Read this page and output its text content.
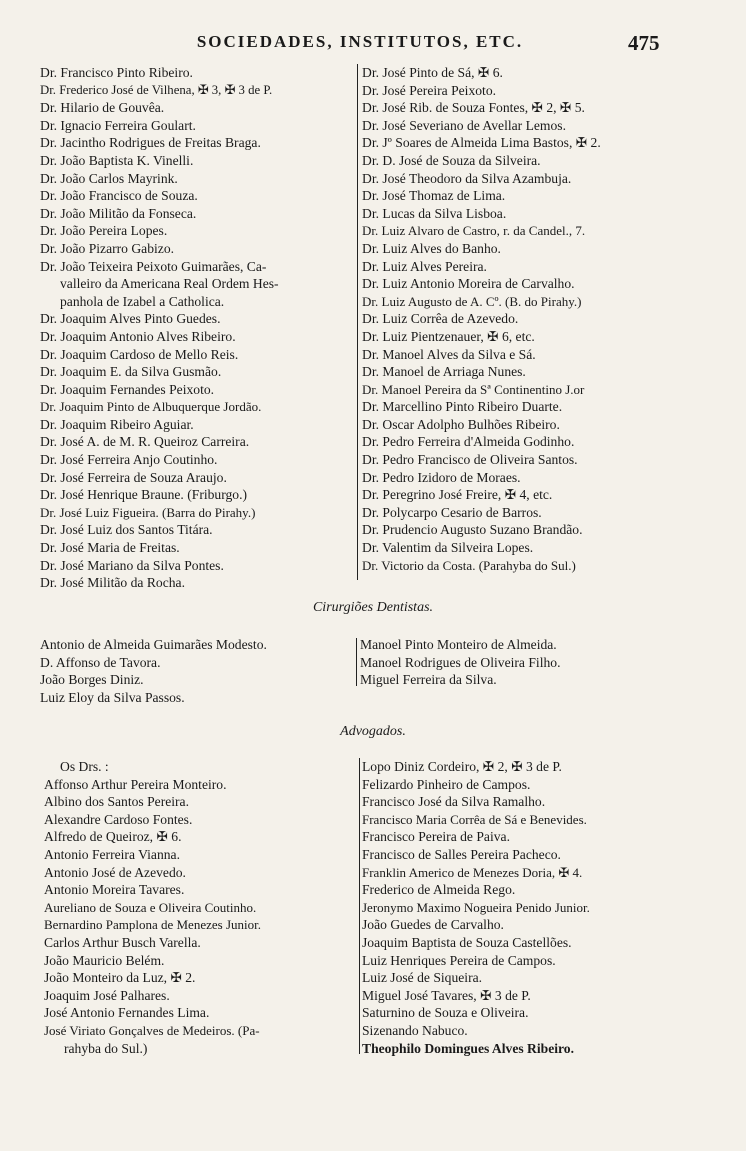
SOCIEDADES, INSTITUTOS, ETC.	475
Dr. Francisco Pinto Ribeiro.
Dr. Frederico José de Vilhena, ✠ 3, ✠ 3 de P.
Dr. Hilario de Gouvêa.
Dr. Ignacio Ferreira Goulart.
Dr. Jacintho Rodrigues de Freitas Braga.
Dr. João Baptista K. Vinelli.
Dr. João Carlos Mayrink.
Dr. João Francisco de Souza.
Dr. João Militão da Fonseca.
Dr. João Pereira Lopes.
Dr. João Pizarro Gabizo.
Dr. João Teixeira Peixoto Guimarães, Ca-
valleiro da Americana Real Ordem Hes-
panhola de Izabel a Catholica.
Dr. Joaquim Alves Pinto Guedes.
Dr. Joaquim Antonio Alves Ribeiro.
Dr. Joaquim Cardoso de Mello Reis.
Dr. Joaquim E. da Silva Gusmão.
Dr. Joaquim Fernandes Peixoto.
Dr. Joaquim Pinto de Albuquerque Jordão.
Dr. Joaquim Ribeiro Aguiar.
Dr. José A. de M. R. Queiroz Carreira.
Dr. José Ferreira Anjo Coutinho.
Dr. José Ferreira de Souza Araujo.
Dr. José Henrique Braune. (Friburgo.)
Dr. José Luiz Figueira. (Barra do Pirahy.)
Dr. José Luiz dos Santos Titára.
Dr. José Maria de Freitas.
Dr. José Mariano da Silva Pontes.
Dr. José Militão da Rocha.
Dr. José Pinto de Sá, ✠ 6.
Dr. José Pereira Peixoto.
Dr. José Rib. de Souza Fontes, ✠ 2, ✠ 5.
Dr. José Severiano de Avellar Lemos.
Dr. Jº Soares de Almeida Lima Bastos, ✠ 2.
Dr. D. José de Souza da Silveira.
Dr. José Theodoro da Silva Azambuja.
Dr. José Thomaz de Lima.
Dr. Lucas da Silva Lisboa.
Dr. Luiz Alvaro de Castro, r. da Candel., 7.
Dr. Luiz Alves do Banho.
Dr. Luiz Alves Pereira.
Dr. Luiz Antonio Moreira de Carvalho.
Dr. Luiz Augusto de A. Cº. (B. do Pirahy.)
Dr. Luiz Corrêa de Azevedo.
Dr. Luiz Pientzenauer, ✠ 6, etc.
Dr. Manoel Alves da Silva e Sá.
Dr. Manoel de Arriaga Nunes.
Dr. Manoel Pereira da Sª Continentino J.or
Dr. Marcellino Pinto Ribeiro Duarte.
Dr. Oscar Adolpho Bulhões Ribeiro.
Dr. Pedro Ferreira d'Almeida Godinho.
Dr. Pedro Francisco de Oliveira Santos.
Dr. Pedro Izidoro de Moraes.
Dr. Peregrino José Freire, ✠ 4, etc.
Dr. Polycarpo Cesario de Barros.
Dr. Prudencio Augusto Suzano Brandão.
Dr. Valentim da Silveira Lopes.
Dr. Victorio da Costa. (Parahyba do Sul.)
Cirurgiões Dentistas.
Antonio de Almeida Guimarães Modesto.
D. Affonso de Tavora.
João Borges Diniz.
Luiz Eloy da Silva Passos.
Manoel Pinto Monteiro de Almeida.
Manoel Rodrigues de Oliveira Filho.
Miguel Ferreira da Silva.
Advogados.
Os Drs. :
Affonso Arthur Pereira Monteiro.
Albino dos Santos Pereira.
Alexandre Cardoso Fontes.
Alfredo de Queiroz, ✠ 6.
Antonio Ferreira Vianna.
Antonio José de Azevedo.
Antonio Moreira Tavares.
Aureliano de Souza e Oliveira Coutinho.
Bernardino Pamplona de Menezes Junior.
Carlos Arthur Busch Varella.
João Mauricio Belém.
João Monteiro da Luz, ✠ 2.
Joaquim José Palhares.
José Antonio Fernandes Lima.
José Viriato Gonçalves de Medeiros. (Pa-
rahyba do Sul.)
Lopo Diniz Cordeiro, ✠ 2, ✠ 3 de P.
Felizardo Pinheiro de Campos.
Francisco José da Silva Ramalho.
Francisco Maria Corrêa de Sá e Benevides.
Francisco Pereira de Paiva.
Francisco de Salles Pereira Pacheco.
Franklin Americo de Menezes Doria, ✠ 4.
Frederico de Almeida Rego.
Jeronymo Maximo Nogueira Penido Junior.
João Guedes de Carvalho.
Joaquim Baptista de Souza Castellões.
Luiz Henriques Pereira de Campos.
Luiz José de Siqueira.
Miguel José Tavares, ✠ 3 de P.
Saturnino de Souza e Oliveira.
Sizenando Nabuco.
Theophilo Domingues Alves Ribeiro.
